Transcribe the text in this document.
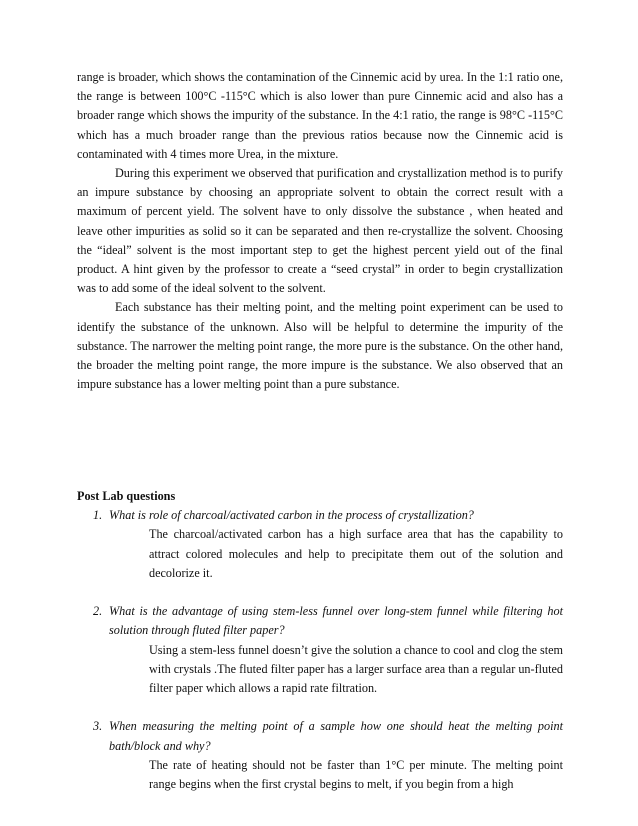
range is broader, which shows the contamination of the Cinnemic acid by urea. In the 1:1 ratio one, the range is between 100°C -115°C which is also lower than pure Cinnemic acid and also has a broader range which shows the impurity of the substance. In the 4:1 ratio, the range is 98°C -115°C which has a much broader range than the previous ratios because now the Cinnemic acid is contaminated with 4 times more Urea, in the mixture.

During this experiment we observed that purification and crystallization method is to purify an impure substance by choosing an appropriate solvent to obtain the correct result with a maximum of percent yield. The solvent have to only dissolve the substance , when heated and leave other impurities as solid so it can be separated and then re-crystallize the solvent. Choosing the “ideal” solvent is the most important step to get the highest percent yield out of the final product. A hint given by the professor to create a “seed crystal” in order to begin crystallization was to add some of the ideal solvent to the solvent.

Each substance has their melting point, and the melting point experiment can be used to identify the substance of the unknown. Also will be helpful to determine the impurity of the substance. The narrower the melting point range, the more pure is the substance. On the other hand, the broader the melting point range, the more impure is the substance. We also observed that an impure substance has a lower melting point than a pure substance.

Post Lab questions

1. What is role of charcoal/activated carbon in the process of crystallization?

The charcoal/activated carbon has a high surface area that has the capability to attract colored molecules and help to precipitate them out of the solution and decolorize it.

2. What is the advantage of using stem-less funnel over long-stem funnel while filtering hot solution through fluted filter paper?

Using a stem-less funnel doesn’t give the solution a chance to cool and clog the stem with crystals .The fluted filter paper has a larger surface area than a regular un-fluted filter paper which allows a rapid rate filtration.

3. When measuring the melting point of a sample how one should heat the melting point bath/block and why?

The rate of heating should not be faster than 1°C per minute. The melting point range begins when the first crystal begins to melt, if you begin from a high
